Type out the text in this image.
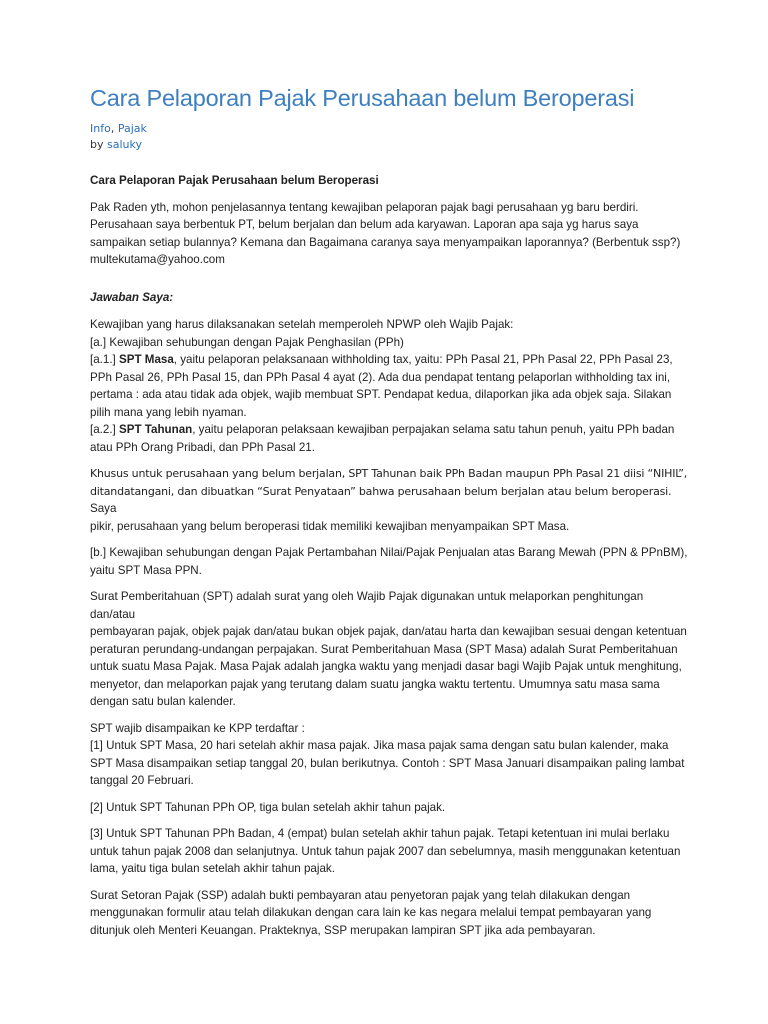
Cara Pelaporan Pajak Perusahaan belum Beroperasi
Info, Pajak
by saluky

Cara Pelaporan Pajak Perusahaan belum Beroperasi

Pak Raden yth, mohon penjelasannya tentang kewajiban pelaporan pajak bagi perusahaan yg baru berdiri.
Perusahaan saya berbentuk PT, belum berjalan dan belum ada karyawan. Laporan apa saja yg harus saya
sampaikan setiap bulannya? Kemana dan Bagaimana caranya saya menyampaikan laporannya? (Berbentuk ssp?)
multekutama@yahoo.com

Jawaban Saya:

Kewajiban yang harus dilaksanakan setelah memperoleh NPWP oleh Wajib Pajak:
[a.] Kewajiban sehubungan dengan Pajak Penghasilan (PPh)
[a.1.] SPT Masa, yaitu pelaporan pelaksanaan withholding tax, yaitu: PPh Pasal 21, PPh Pasal 22, PPh Pasal 23,
PPh Pasal 26, PPh Pasal 15, dan PPh Pasal 4 ayat (2). Ada dua pendapat tentang pelaporlan withholding tax ini,
pertama : ada atau tidak ada objek, wajib membuat SPT. Pendapat kedua, dilaporkan jika ada objek saja. Silakan
pilih mana yang lebih nyaman.
[a.2.] SPT Tahunan, yaitu pelaporan pelaksaan kewajiban perpajakan selama satu tahun penuh, yaitu PPh badan
atau PPh Orang Pribadi, dan PPh Pasal 21.

Khusus untuk perusahaan yang belum berjalan, SPT Tahunan baik PPh Badan maupun PPh Pasal 21 diisi “NIHIL”,
ditandatangani, dan dibuatkan “Surat Penyataan” bahwa perusahaan belum berjalan atau belum beroperasi. Saya
pikir, perusahaan yang belum beroperasi tidak memiliki kewajiban menyampaikan SPT Masa.

[b.] Kewajiban sehubungan dengan Pajak Pertambahan Nilai/Pajak Penjualan atas Barang Mewah (PPN & PPnBM),
yaitu SPT Masa PPN.

Surat Pemberitahuan (SPT) adalah surat yang oleh Wajib Pajak digunakan untuk melaporkan penghitungan dan/atau
pembayaran pajak, objek pajak dan/atau bukan objek pajak, dan/atau harta dan kewajiban sesuai dengan ketentuan
peraturan perundang-undangan perpajakan. Surat Pemberitahuan Masa (SPT Masa) adalah Surat Pemberitahuan
untuk suatu Masa Pajak. Masa Pajak adalah jangka waktu yang menjadi dasar bagi Wajib Pajak untuk menghitung,
menyetor, dan melaporkan pajak yang terutang dalam suatu jangka waktu tertentu. Umumnya satu masa sama
dengan satu bulan kalender.

SPT wajib disampaikan ke KPP terdaftar :
[1] Untuk SPT Masa, 20 hari setelah akhir masa pajak. Jika masa pajak sama dengan satu bulan kalender, maka
SPT Masa disampaikan setiap tanggal 20, bulan berikutnya. Contoh : SPT Masa Januari disampaikan paling lambat
tanggal 20 Februari.

[2] Untuk SPT Tahunan PPh OP, tiga bulan setelah akhir tahun pajak.

[3] Untuk SPT Tahunan PPh Badan, 4 (empat) bulan setelah akhir tahun pajak. Tetapi ketentuan ini mulai berlaku
untuk tahun pajak 2008 dan selanjutnya. Untuk tahun pajak 2007 dan sebelumnya, masih menggunakan ketentuan
lama, yaitu tiga bulan setelah akhir tahun pajak.

Surat Setoran Pajak (SSP) adalah bukti pembayaran atau penyetoran pajak yang telah dilakukan dengan
menggunakan formulir atau telah dilakukan dengan cara lain ke kas negara melalui tempat pembayaran yang
ditunjuk oleh Menteri Keuangan. Prakteknya, SSP merupakan lampiran SPT jika ada pembayaran.
